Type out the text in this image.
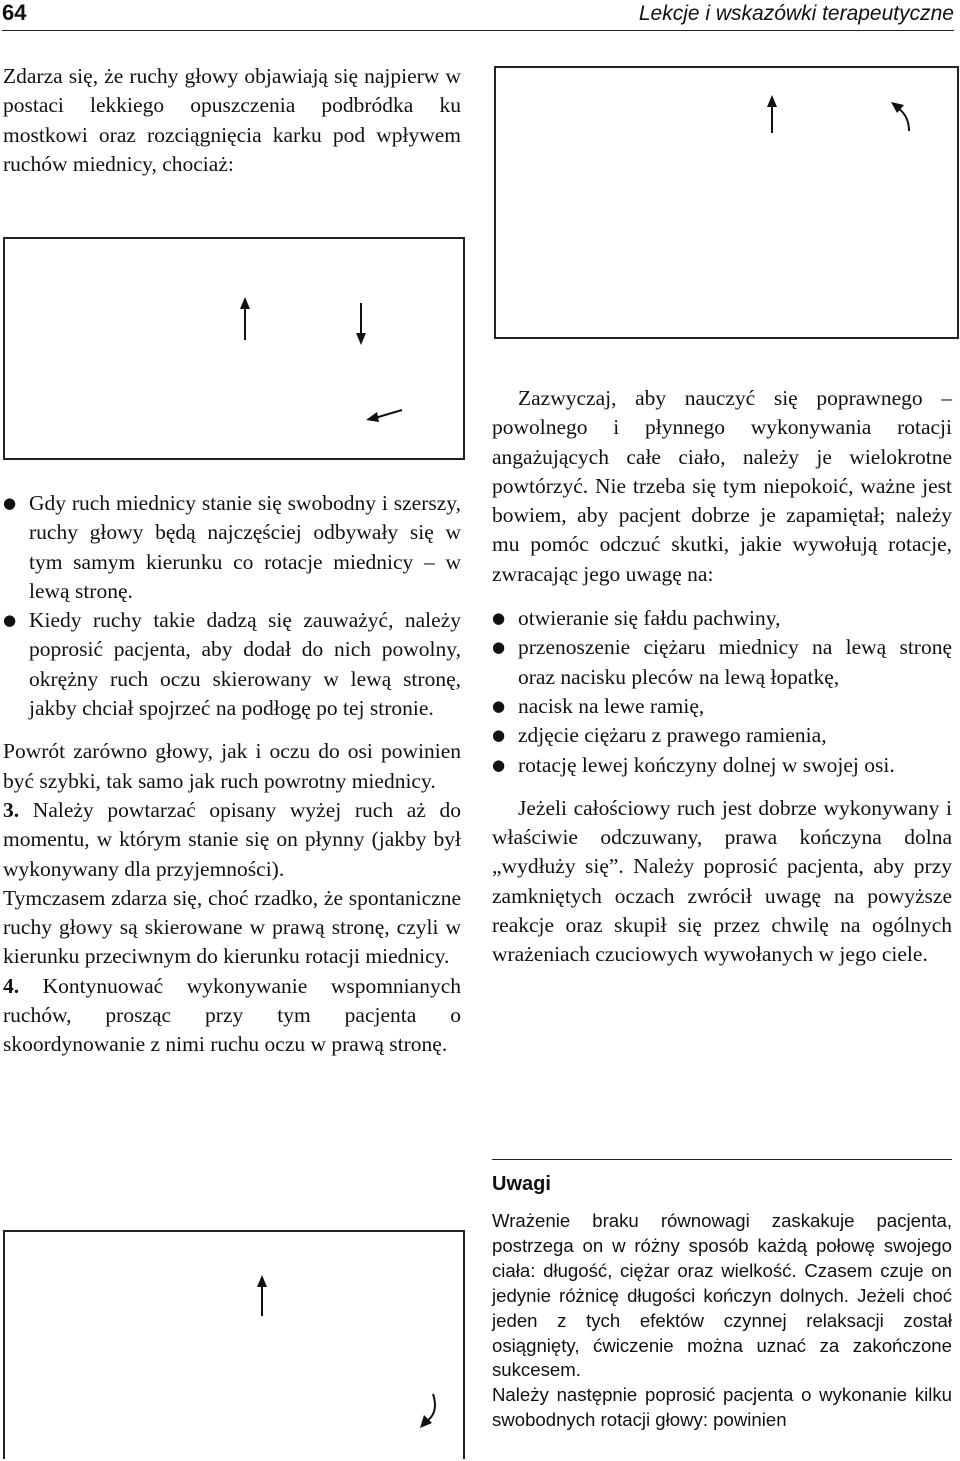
64	Lekcje i wskazówki terapeutyczne

Zdarza się, że ruchy głowy objawiają się najpierw w postaci lekkiego opuszczenia podbródka ku mostkowi oraz rozciągnięcia karku pod wpływem ruchów miednicy, chociaż:

● Gdy ruch miednicy stanie się swobodny i szerszy, ruchy głowy będą najczęściej odbywały się w tym samym kierunku co rotacje miednicy – w lewą stronę.
● Kiedy ruchy takie dadzą się zauważyć, należy poprosić pacjenta, aby dodał do nich powolny, okrężny ruch oczu skierowany w lewą stronę, jakby chciał spojrzeć na podłogę po tej stronie.

Powrót zarówno głowy, jak i oczu do osi powinien być szybki, tak samo jak ruch powrotny miednicy.

3. Należy powtarzać opisany wyżej ruch aż do momentu, w którym stanie się on płynny (jakby był wykonywany dla przyjemności).

Tymczasem zdarza się, choć rzadko, że spontaniczne ruchy głowy są skierowane w prawą stronę, czyli w kierunku przeciwnym do kierunku rotacji miednicy.

4. Kontynuować wykonywanie wspomnianych ruchów, prosząc przy tym pacjenta o skoordynowanie z nimi ruchu oczu w prawą stronę.

Zazwyczaj, aby nauczyć się poprawnego – powolnego i płynnego wykonywania rotacji angażujących całe ciało, należy je wielokrotne powtórzyć. Nie trzeba się tym niepokoić, ważne jest bowiem, aby pacjent dobrze je zapamiętał; należy mu pomóc odczuć skutki, jakie wywołują rotacje, zwracając jego uwagę na:

● otwieranie się fałdu pachwiny,
● przenoszenie ciężaru miednicy na lewą stronę oraz nacisku pleców na lewą łopatkę,
● nacisk na lewe ramię,
● zdjęcie ciężaru z prawego ramienia,
● rotację lewej kończyny dolnej w swojej osi.

Jeżeli całościowy ruch jest dobrze wykonywany i właściwie odczuwany, prawa kończyna dolna „wydłuży się”. Należy poprosić pacjenta, aby przy zamkniętych oczach zwrócił uwagę na powyższe reakcje oraz skupił się przez chwilę na ogólnych wrażeniach czuciowych wywołanych w jego ciele.

Uwagi

Wrażenie braku równowagi zaskakuje pacjenta, postrzega on w różny sposób każdą połowę swojego ciała: długość, ciężar oraz wielkość. Czasem czuje on jedynie różnicę długości kończyn dolnych. Jeżeli choć jeden z tych efektów czynnej relaksacji został osiągnięty, ćwiczenie można uznać za zakończone sukcesem.

Należy następnie poprosić pacjenta o wykonanie kilku swobodnych rotacji głowy: powinien
